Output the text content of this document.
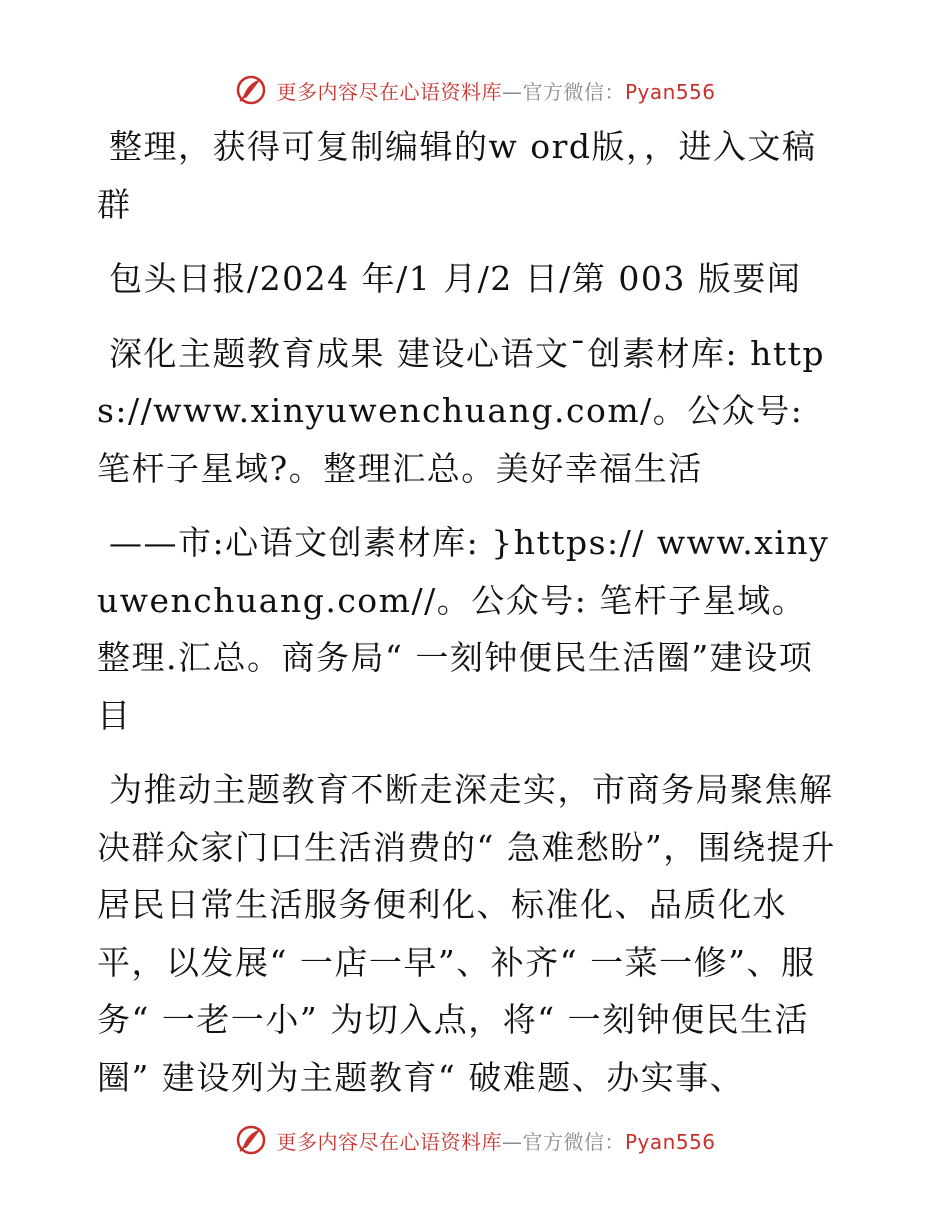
更多内容尽在心语资料库—官方微信：Pyan556

整理，获得可复制编辑的w ord版，，进入文稿群

包头日报/2024 年/1 月/2 日/第 003 版要闻

深化主题教育成果 建设心语文¯创素材库: https://www.xinyuwenchuang.com/。公众号: 笔杆子星域?。整理汇总。美好幸福生活

——市:心语文创素材库: }https:// www.xinyuwenchuang.com//。公众号: 笔杆子星域。整理.汇总。商务局“ 一刻钟便民生活圈”建设项目

为推动主题教育不断走深走实，市商务局聚焦解决群众家门口生活消费的“ 急难愁盼”，围绕提升居民日常生活服务便利化、标准化、品质化水平，以发展“ 一店一早”、补齐“ 一菜一修”、服务“ 一老一小” 为切入点，将“ 一刻钟便民生活圈” 建设列为主题教育“ 破难题、办实事、

更多内容尽在心语资料库—官方微信：Pyan556
